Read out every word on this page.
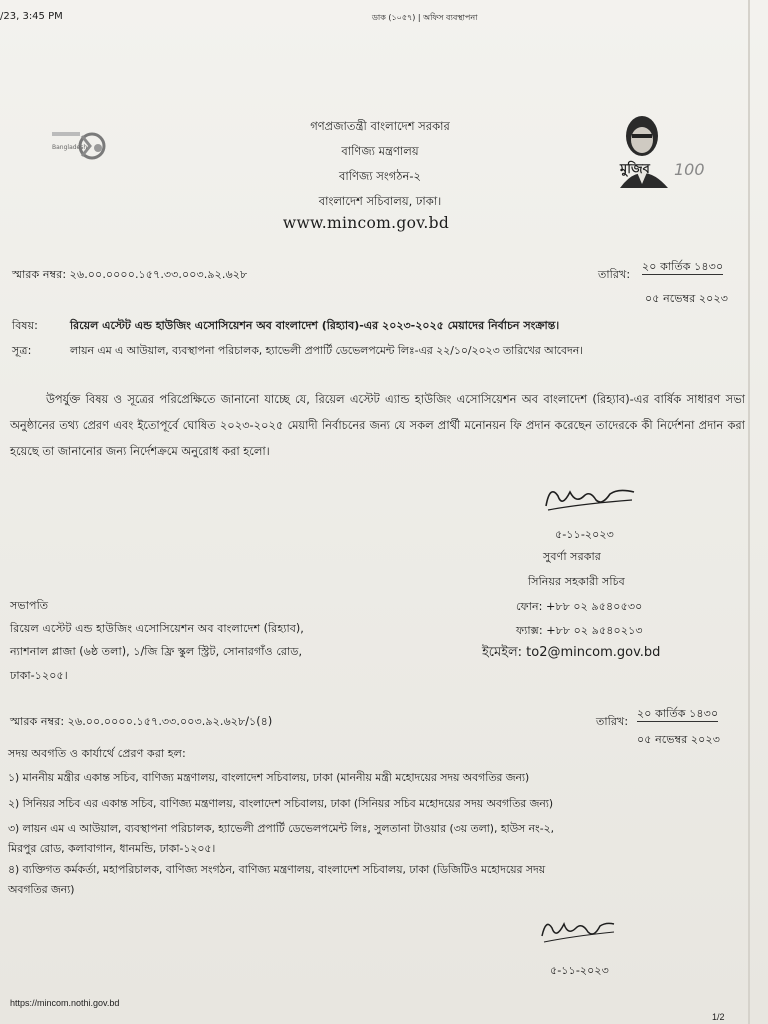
/23, 3:45 PM	ডাক (১০৫৭) | অফিস ব্যবস্থাপনা
Bangladesh
মুজিব 100
গণপ্রজাতন্ত্রী বাংলাদেশ সরকার
বাণিজ্য মন্ত্রণালয়
বাণিজ্য সংগঠন-২
বাংলাদেশ সচিবালয়, ঢাকা।
www.mincom.gov.bd
স্মারক নম্বর: ২৬.০০.০০০০.১৫৭.৩৩.০০৩.৯২.৬২৮	তারিখ:
২০ কার্তিক ১৪৩০
০৫ নভেম্বর ২০২৩
বিষয়:	রিয়েল এস্টেট এন্ড হাউজিং এসোসিয়েশন অব বাংলাদেশ (রিহ্যাব)-এর ২০২৩-২০২৫ মেয়াদের নির্বাচন সংক্রান্ত।
সূত্র:	লায়ন এম এ আউয়াল, ব্যবস্থাপনা পরিচালক, হ্যাভেলী প্রপার্টি ডেভেলপমেন্ট লিঃ-এর ২২/১০/২০২৩ তারিখের আবেদন।
উপর্যুক্ত বিষয় ও সূত্রের পরিপ্রেক্ষিতে জানানো যাচ্ছে যে, রিয়েল এস্টেট এ্যান্ড হাউজিং এসোসিয়েশন অব বাংলাদেশ (রিহ্যাব)-এর বার্ষিক সাধারণ সভা অনুষ্ঠানের তথ্য প্রেরণ এবং ইতোপূর্বে ঘোষিত ২০২৩-২০২৫ মেয়াদী নির্বাচনের জন্য যে সকল প্রার্থী মনোনয়ন ফি প্রদান করেছেন তাদেরকে কী নির্দেশনা প্রদান করা হয়েছে তা জানানোর জন্য নির্দেশক্রমে অনুরোধ করা হলো।
৫-১১-২০২৩
সুবর্ণা সরকার
সিনিয়র সহকারী সচিব
ফোন: +৮৮ ০২ ৯৫৪০৫৩০
ফ্যাক্স: +৮৮ ০২ ৯৫৪০২১৩
ইমেইল: to2@mincom.gov.bd
সভাপতি
রিয়েল এস্টেট এন্ড হাউজিং এসোসিয়েশন অব বাংলাদেশ (রিহ্যাব),
ন্যাশনাল প্লাজা (৬ষ্ঠ তলা), ১/জি ফ্রি স্কুল স্ট্রিট, সোনারগাঁও রোড,
ঢাকা-১২০৫।
স্মারক নম্বর: ২৬.০০.০০০০.১৫৭.৩৩.০০৩.৯২.৬২৮/১(৪)	তারিখ:
২০ কার্তিক ১৪৩০
০৫ নভেম্বর ২০২৩
সদয় অবগতি ও কার্যার্থে প্রেরণ করা হল:
১) মাননীয় মন্ত্রীর একান্ত সচিব, বাণিজ্য মন্ত্রণালয়, বাংলাদেশ সচিবালয়, ঢাকা (মাননীয় মন্ত্রী মহোদয়ের সদয় অবগতির জন্য)
২) সিনিয়র সচিব এর একান্ত সচিব, বাণিজ্য মন্ত্রণালয়, বাংলাদেশ সচিবালয়, ঢাকা (সিনিয়র সচিব মহোদয়ের সদয় অবগতির জন্য)
৩) লায়ন এম এ আউয়াল, ব্যবস্থাপনা পরিচালক, হ্যাভেলী প্রপার্টি ডেভেলপমেন্ট লিঃ, সুলতানা টাওয়ার (৩য় তলা), হাউস নং-২,
মিরপুর রোড, কলাবাগান, ধানমন্ডি, ঢাকা-১২০৫।
৪) ব্যক্তিগত কর্মকর্তা, মহাপরিচালক, বাণিজ্য সংগঠন, বাণিজ্য মন্ত্রণালয়, বাংলাদেশ সচিবালয়, ঢাকা (ডিজিটিও মহোদয়ের সদয়
অবগতির জন্য)
৫-১১-২০২৩
https://mincom.nothi.gov.bd
1/2
